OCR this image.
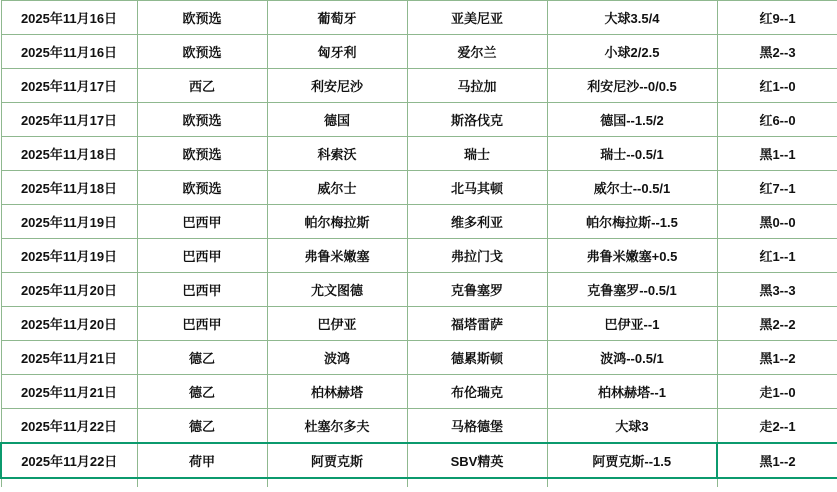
2025年11月16日	欧预选	葡萄牙	亚美尼亚	大球3.5/4	红9--1
2025年11月16日	欧预选	匈牙利	爱尔兰	小球2/2.5	黑2--3
2025年11月17日	西乙	利安尼沙	马拉加	利安尼沙--0/0.5	红1--0
2025年11月17日	欧预选	德国	斯洛伐克	德国--1.5/2	红6--0
2025年11月18日	欧预选	科索沃	瑞士	瑞士--0.5/1	黑1--1
2025年11月18日	欧预选	威尔士	北马其顿	威尔士--0.5/1	红7--1
2025年11月19日	巴西甲	帕尔梅拉斯	维多利亚	帕尔梅拉斯--1.5	黑0--0
2025年11月19日	巴西甲	弗鲁米嫩塞	弗拉门戈	弗鲁米嫩塞+0.5	红1--1
2025年11月20日	巴西甲	尤文图德	克鲁塞罗	克鲁塞罗--0.5/1	黑3--3
2025年11月20日	巴西甲	巴伊亚	福塔雷萨	巴伊亚--1	黑2--2
2025年11月21日	德乙	波鸿	德累斯顿	波鸿--0.5/1	黑1--2
2025年11月21日	德乙	柏林赫塔	布伦瑞克	柏林赫塔--1	走1--0
2025年11月22日	德乙	杜塞尔多夫	马格德堡	大球3	走2--1
2025年11月22日	荷甲	阿贾克斯	SBV精英	阿贾克斯--1.5	黑1--2
